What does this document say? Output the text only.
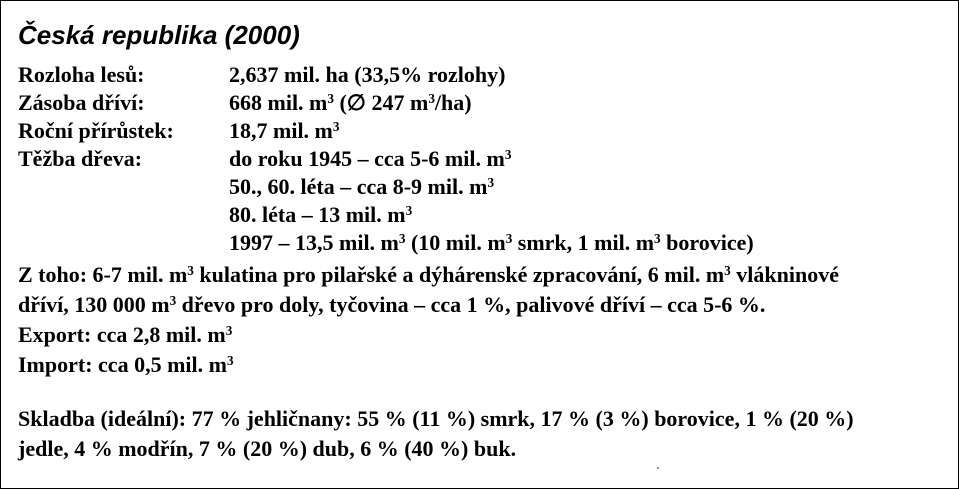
Česká republika (2000)
Rozloha lesů:	2,637 mil. ha (33,5% rozlohy)
Zásoba dříví:	668 mil. $m^3$ (∅ 247 $m^3/ha$)
Roční přírůstek:	18,7 mil. $m^3$
Těžba dřeva:	do roku 1945 – cca 5-6 mil. $m^3$
50., 60. léta – cca 8-9 mil. $m^3$
80. léta – 13 mil. $m^3$
1997 – 13,5 mil. $m^3$ (10 mil. $m^3$ smrk, 1 mil. $m^3$ borovice)
Z toho: 6-7 mil. $m^3$ kulatina pro pilařské a dýhárenské zpracování, 6 mil. $m^3$ vlákninové
dříví, 130 000 $m^3$ dřevo pro doly, tyčovina – cca 1 %, palivové dříví – cca 5-6 %.
Export: cca 2,8 mil. $m^3$
Import: cca 0,5 mil. $m^3$
Skladba (ideální): 77 % jehličnany: 55 % (11 %) smrk, 17 % (3 %) borovice, 1 % (20 %)
jedle, 4 % modřín, 7 % (20 %) dub, 6 % (40 %) buk.
